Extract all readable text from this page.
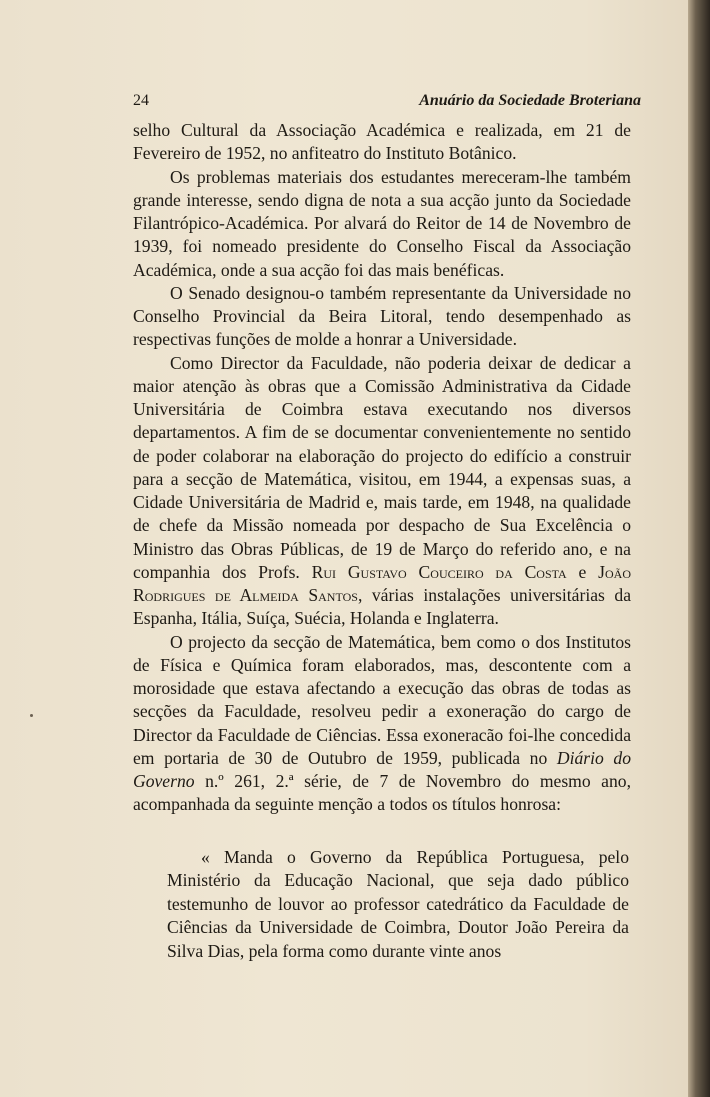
24	Anuário da Sociedade Broteriana

selho Cultural da Associação Académica e realizada, em 21 de Fevereiro de 1952, no anfiteatro do Instituto Botânico.

Os problemas materiais dos estudantes mereceram-lhe também grande interesse, sendo digna de nota a sua acção junto da Sociedade Filantrópico-Académica. Por alvará do Reitor de 14 de Novembro de 1939, foi nomeado presidente do Conselho Fiscal da Associação Académica, onde a sua acção foi das mais benéficas.

O Senado designou-o também representante da Universidade no Conselho Provincial da Beira Litoral, tendo desempenhado as respectivas funções de molde a honrar a Universidade.

Como Director da Faculdade, não poderia deixar de dedicar a maior atenção às obras que a Comissão Administrativa da Cidade Universitária de Coimbra estava executando nos diversos departamentos. A fim de se documentar convenientemente no sentido de poder colaborar na elaboração do projecto do edifício a construir para a secção de Matemática, visitou, em 1944, a expensas suas, a Cidade Universitária de Madrid e, mais tarde, em 1948, na qualidade de chefe da Missão nomeada por despacho de Sua Excelência o Ministro das Obras Públicas, de 19 de Março do referido ano, e na companhia dos Profs. Rui Gustavo Couceiro da Costa e João Rodrigues de Almeida Santos, várias instalações universitárias da Espanha, Itália, Suíça, Suécia, Holanda e Inglaterra.

O projecto da secção de Matemática, bem como o dos Institutos de Física e Química foram elaborados, mas, descontente com a morosidade que estava afectando a execução das obras de todas as secções da Faculdade, resolveu pedir a exoneração do cargo de Director da Faculdade de Ciências. Essa exoneracão foi-lhe concedida em portaria de 30 de Outubro de 1959, publicada no Diário do Governo n.º 261, 2.ª série, de 7 de Novembro do mesmo ano, acompanhada da seguinte menção a todos os títulos honrosa:

« Manda o Governo da República Portuguesa, pelo Ministério da Educação Nacional, que seja dado público testemunho de louvor ao professor catedrático da Faculdade de Ciências da Universidade de Coimbra, Doutor João Pereira da Silva Dias, pela forma como durante vinte anos
